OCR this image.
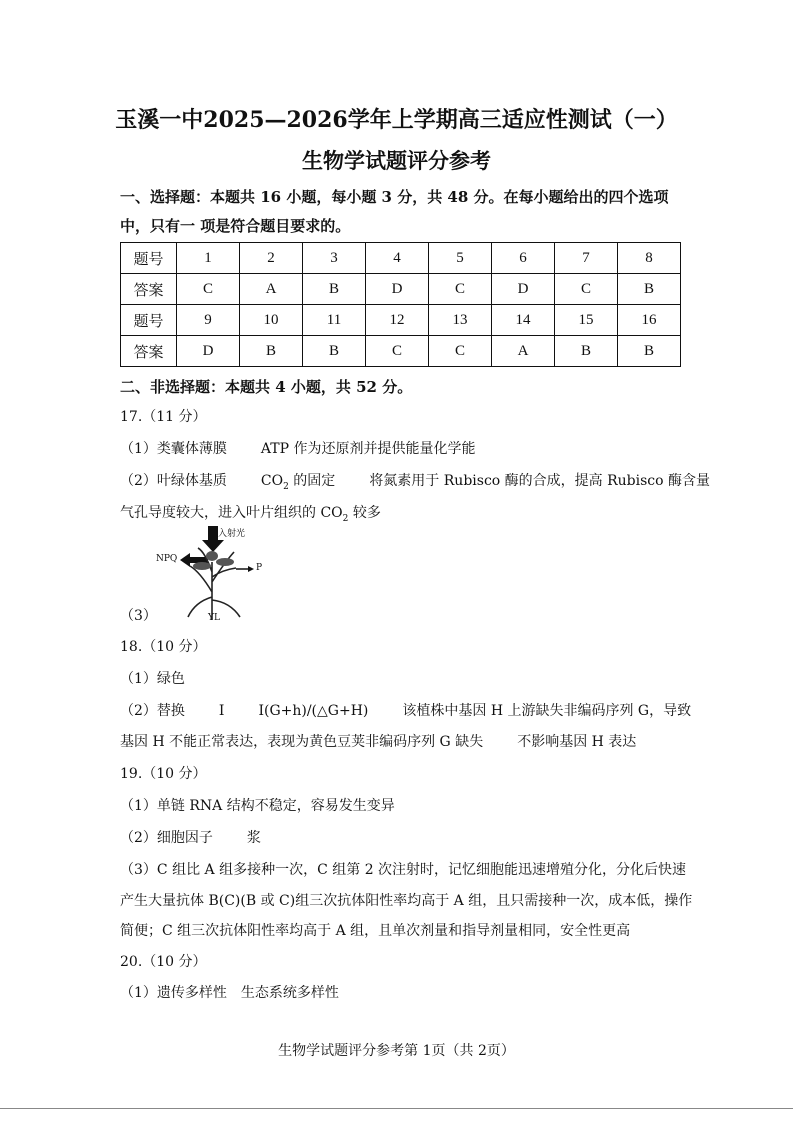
玉溪一中2025—2026学年上学期高三适应性测试（一）
生物学试题评分参考
一、选择题：本题共 16 小题，每小题 3 分，共 48 分。在每小题给出的四个选项
中，只有一 项是符合题目要求的。
题号	1	2	3	4	5	6	7	8
答案	C	A	B	D	C	D	C	B
题号	9	10	11	12	13	14	15	16
答案	D	B	B	C	C	A	B	B
二、非选择题：本题共 4 小题，共 52 分。
17.（11 分）
（1）类囊体薄膜 ATP 作为还原剂并提供能量化学能
（2）叶绿体基质 $CO_2$ 的固定 将氮素用于 Rubisco 酶的合成，提高 Rubisco 酶含量
气孔导度较大，进入叶片组织的 $CO_2$ 较多
（3）
入射光
NPQ
P
YL
18.（10 分）
（1）绿色
（2）替换 I I(G+h)/(△G+H) 该植株中基因 H 上游缺失非编码序列 G，导致
基因 H 不能正常表达，表现为黄色豆荚非编码序列 G 缺失 不影响基因 H 表达
19.（10 分）
（1）单链 RNA 结构不稳定，容易发生变异
（2）细胞因子 浆
（3）C 组比 A 组多接种一次，C 组第 2 次注射时，记忆细胞能迅速增殖分化，分化后快速
产生大量抗体 B(C)(B 或 C)组三次抗体阳性率均高于 A 组，且只需接种一次，成本低，操作
简便；C 组三次抗体阳性率均高于 A 组，且单次剂量和指导剂量相同，安全性更高
20.（10 分）
（1）遗传多样性 生态系统多样性
生物学试题评分参考第 1页（共 2页）
